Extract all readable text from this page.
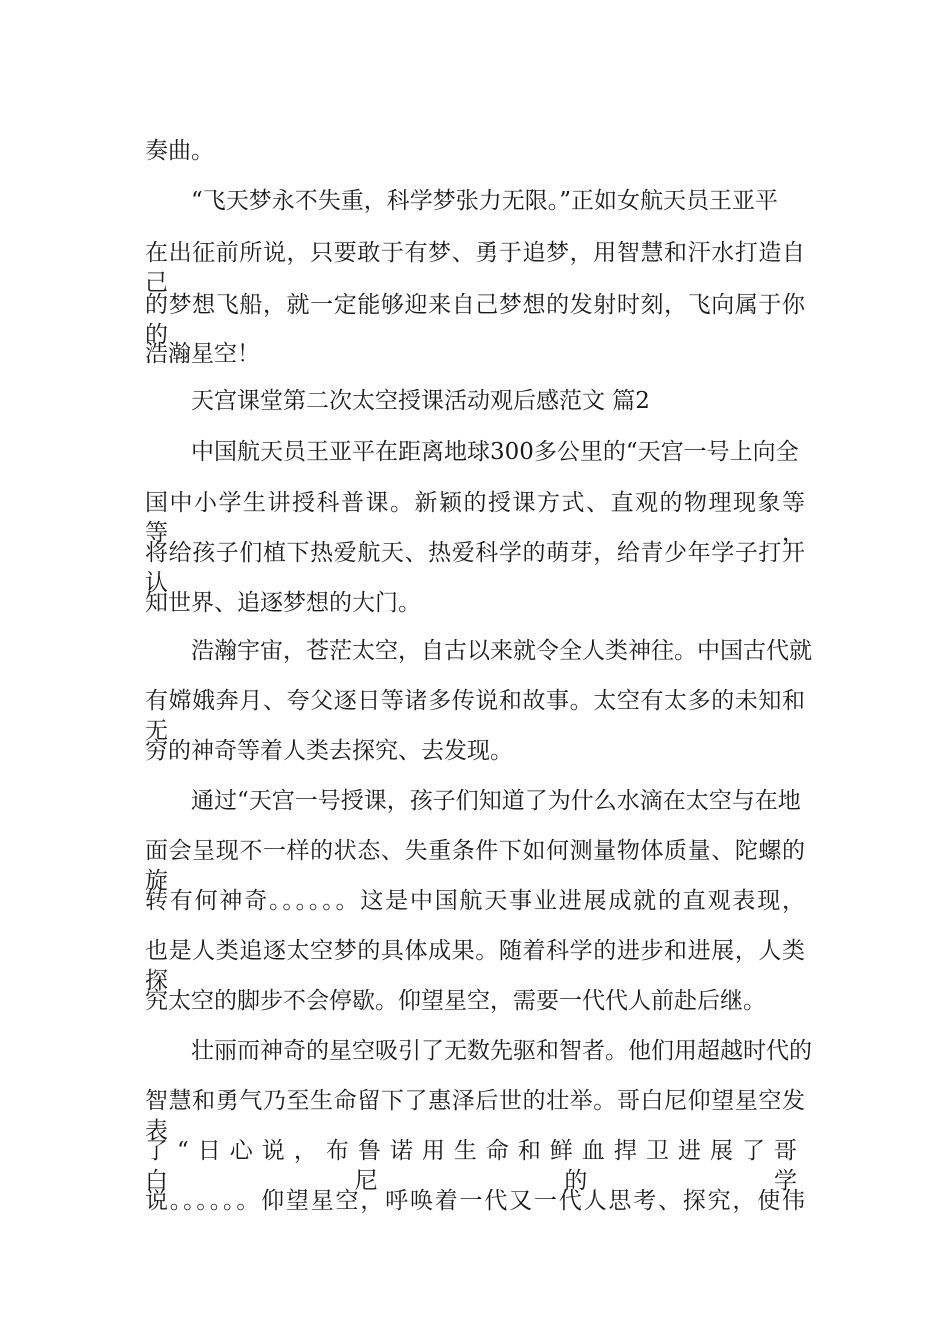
奏曲。
“飞天梦永不失重，科学梦张力无限。”正如女航天员王亚平
在出征前所说，只要敢于有梦、勇于追梦，用智慧和汗水打造自己
的梦想飞船，就一定能够迎来自己梦想的发射时刻，飞向属于你的
浩瀚星空！
天宫课堂第二次太空授课活动观后感范文 篇2
中国航天员王亚平在距离地球300多公里的“天宫一号上向全
国中小学生讲授科普课。新颖的授课方式、直观的物理现象等等，
将给孩子们植下热爱航天、热爱科学的萌芽，给青少年学子打开认
知世界、追逐梦想的大门。
浩瀚宇宙，苍茫太空，自古以来就令全人类神往。中国古代就
有嫦娥奔月、夸父逐日等诸多传说和故事。太空有太多的未知和无
穷的神奇等着人类去探究、去发现。
通过“天宫一号授课，孩子们知道了为什么水滴在太空与在地
面会呈现不一样的状态、失重条件下如何测量物体质量、陀螺的旋
转有何神奇。。。。。。这是中国航天事业进展成就的直观表现，
也是人类追逐太空梦的具体成果。随着科学的进步和进展，人类探
究太空的脚步不会停歇。仰望星空，需要一代代人前赴后继。
壮丽而神奇的星空吸引了无数先驱和智者。他们用超越时代的
智慧和勇气乃至生命留下了惠泽后世的壮举。哥白尼仰望星空发表
了“日心说，布鲁诺用生命和鲜血捍卫进展了哥白尼的学
说。。。。。。仰望星空，呼唤着一代又一代人思考、探究，使伟
